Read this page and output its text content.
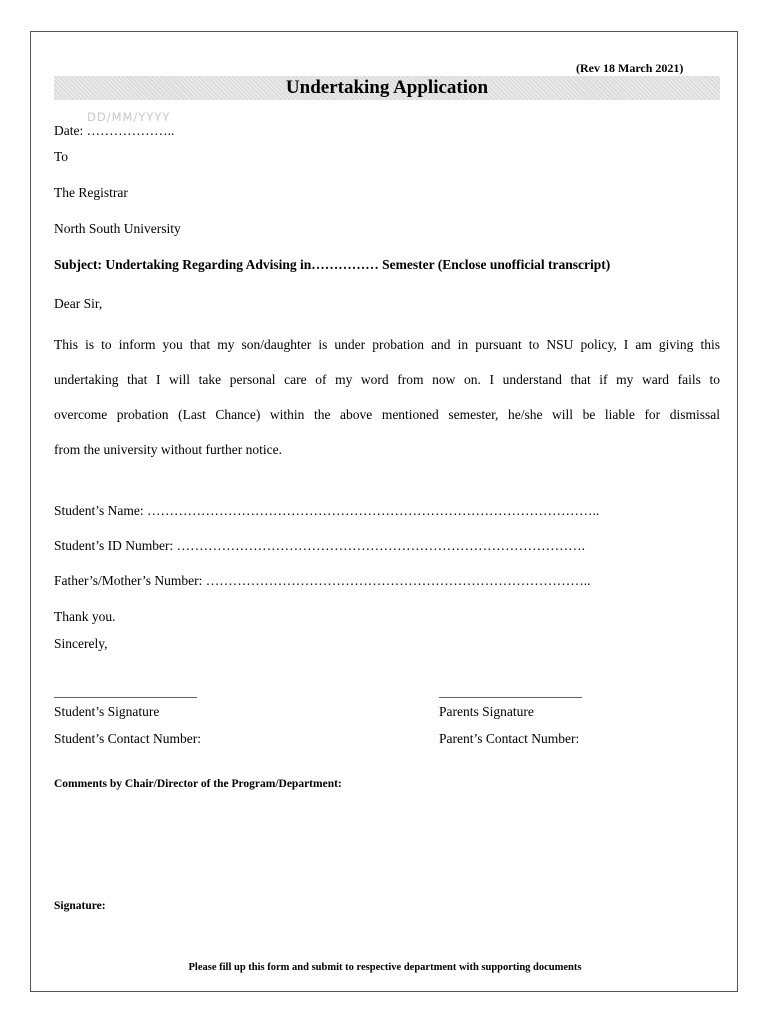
(Rev 18 March 2021)
Undertaking Application
DD/MM/YYYY
Date: ………………..
To
The Registrar
North South University
Subject: Undertaking Regarding Advising in…………… Semester (Enclose unofficial transcript)
Dear Sir,
This is to inform you that my son/daughter is under probation and in pursuant to NSU policy, I am giving this
undertaking that I will take personal care of my word from now on. I understand that if my ward fails to
overcome probation (Last Chance) within the above mentioned semester, he/she will be liable for dismissal
from the university without further notice.
Student’s Name: ………………………………………………………………………………………..
Student’s ID Number: ……………………………………………………………………………….
Father’s/Mother’s Number: …………………………………………………………………………..
Thank you.
Sincerely,
______________________	______________________
Student’s Signature	Parents Signature
Student’s Contact Number:	Parent’s Contact Number:
Comments by Chair/Director of the Program/Department:
Signature:
Please fill up this form and submit to respective department with supporting documents
